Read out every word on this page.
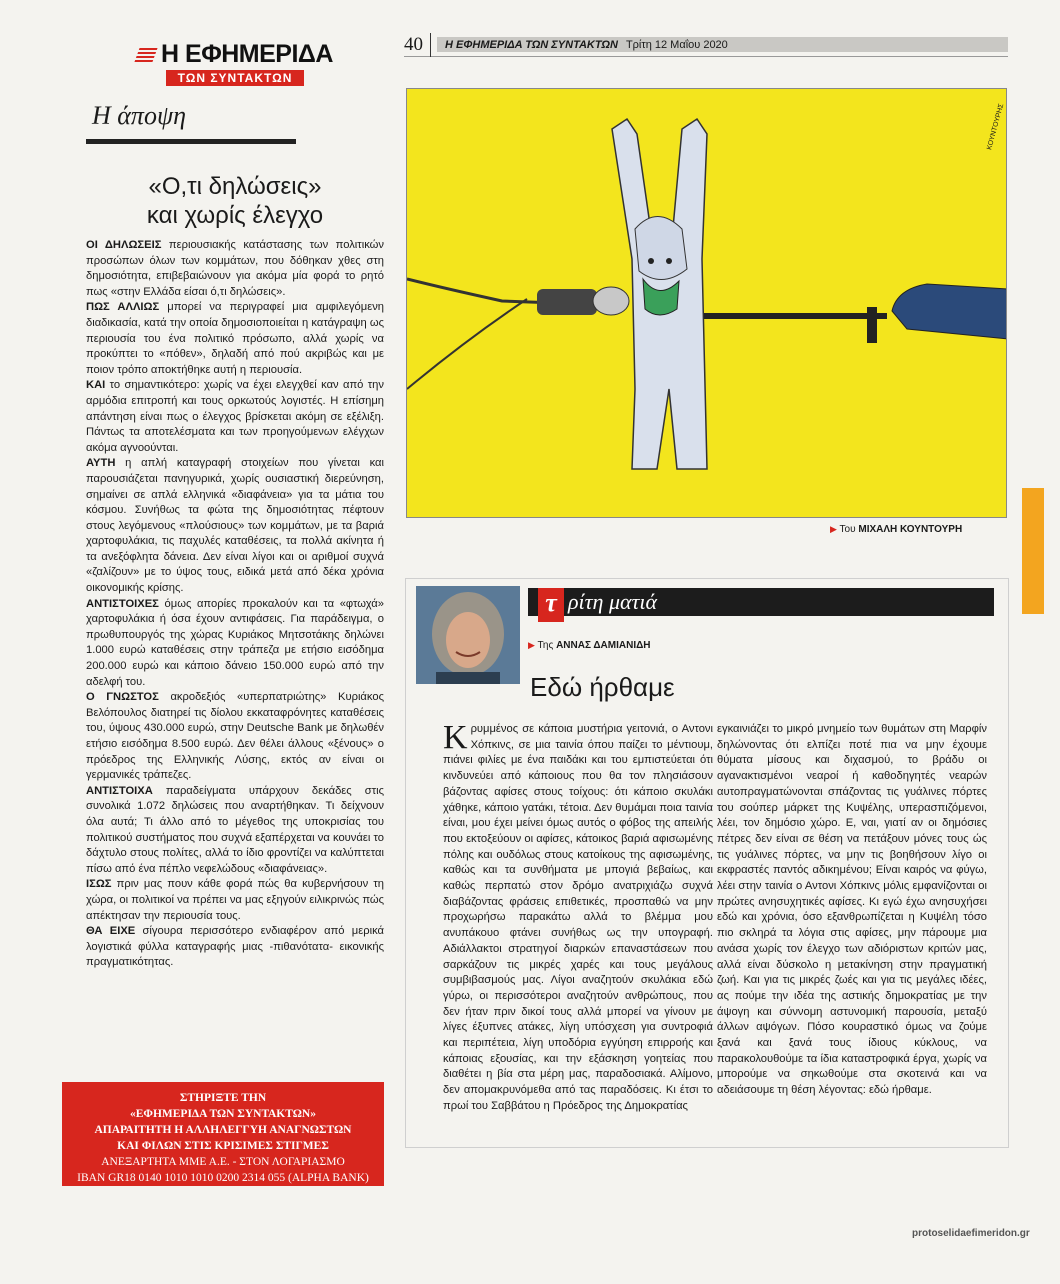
Η ΕΦΗΜΕΡΙΔΑ
ΤΩΝ ΣΥΝΤΑΚΤΩΝ
Η άποψη
«Ο,τι δηλώσεις»
και χωρίς έλεγχο

ΟΙ ΔΗΛΩΣΕΙΣ περιουσιακής κατάστασης των πολιτικών προσώπων όλων των κομμάτων, που δόθηκαν χθες στη δημοσιότητα, επιβεβαιώνουν για ακόμα μία φορά το ρητό πως «στην Ελλάδα είσαι ό,τι δηλώσεις».

ΠΩΣ ΑΛΛΙΩΣ μπορεί να περιγραφεί μια αμφιλεγόμενη διαδικασία, κατά την οποία δημοσιοποιείται η κατάγραψη ως περιουσία του ένα πολιτικό πρόσωπο, αλλά χωρίς να προκύπτει το «πόθεν», δηλαδή από πού ακριβώς και με ποιον τρόπο αποκτήθηκε αυτή η περιουσία.

ΚΑΙ το σημαντικότερο: χωρίς να έχει ελεγχθεί καν από την αρμόδια επιτροπή και τους ορκωτούς λογιστές. Η επίσημη απάντηση είναι πως ο έλεγχος βρίσκεται ακόμη σε εξέλιξη. Πάντως τα αποτελέσματα και των προηγούμενων ελέγχων ακόμα αγνοούνται.

ΑΥΤΗ η απλή καταγραφή στοιχείων που γίνεται και παρουσιάζεται πανηγυρικά, χωρίς ουσιαστική διερεύνηση, σημαίνει σε απλά ελληνικά «διαφάνεια» για τα μάτια του κόσμου. Συνήθως τα φώτα της δημοσιότητας πέφτουν στους λεγόμενους «πλούσιους» των κομμάτων, με τα βαριά χαρτοφυλάκια, τις παχυλές καταθέσεις, τα πολλά ακίνητα ή τα ανεξόφλητα δάνεια. Δεν είναι λίγοι και οι αριθμοί συχνά «ζαλίζουν» με το ύψος τους, ειδικά μετά από δέκα χρόνια οικονομικής κρίσης.

ΑΝΤΙΣΤΟΙΧΕΣ όμως απορίες προκαλούν και τα «φτωχά» χαρτοφυλάκια ή όσα έχουν αντιφάσεις. Για παράδειγμα, ο πρωθυπουργός της χώρας Κυριάκος Μητσοτάκης δηλώνει 1.000 ευρώ καταθέσεις στην τράπεζα με ετήσιο εισόδημα 200.000 ευρώ και κάποιο δάνειο 150.000 ευρώ από την αδελφή του.

Ο ΓΝΩΣΤΟΣ ακροδεξιός «υπερπατριώτης» Κυριάκος Βελόπουλος διατηρεί τις δίολου εκκαταφρόνητες καταθέσεις του, ύψους 430.000 ευρώ, στην Deutsche Bank με δηλωθέν ετήσιο εισόδημα 8.500 ευρώ. Δεν θέλει άλλους «ξένους» ο πρόεδρος της Ελληνικής Λύσης, εκτός αν είναι οι γερμανικές τράπεζες.

ΑΝΤΙΣΤΟΙΧΑ παραδείγματα υπάρχουν δεκάδες στις συνολικά 1.072 δηλώσεις που αναρτήθηκαν. Τι δείχνουν όλα αυτά; Τι άλλο από το μέγεθος της υποκρισίας του πολιτικού συστήματος που συχνά εξαπέρχεται να κουνάει το δάχτυλο στους πολίτες, αλλά το ίδιο φροντίζει να καλύπτεται πίσω από ένα πέπλο νεφελώδους «διαφάνειας».

ΙΣΩΣ πριν μας πουν κάθε φορά πώς θα κυβερνήσουν τη χώρα, οι πολιτικοί να πρέπει να μας εξηγούν ειλικρινώς πώς απέκτησαν την περιουσία τους.

ΘΑ ΕΙΧΕ σίγουρα περισσότερο ενδιαφέρον από μερικά λογιστικά φύλλα καταγραφής μιας -πιθανότατα- εικονικής πραγματικότητας.

ΣΤΗΡΙΞΤΕ ΤΗΝ
«ΕΦΗΜΕΡΙΔΑ ΤΩΝ ΣΥΝΤΑΚΤΩΝ»
ΑΠΑΡΑΙΤΗΤΗ Η ΑΛΛΗΛΕΓΓΥΗ ΑΝΑΓΝΩΣΤΩΝ
ΚΑΙ ΦΙΛΩΝ ΣΤΙΣ ΚΡΙΣΙΜΕΣ ΣΤΙΓΜΕΣ
ΑΝΕΞΑΡΤΗΤΑ ΜΜΕ Α.Ε. - ΣΤΟΝ ΛΟΓΑΡΙΑΣΜΟ
IBAN GR18 0140 1010 1010 0200 2314 055 (ALPHA BANK)
40	Η ΕΦΗΜΕΡΙΔΑ ΤΩΝ ΣΥΝΤΑΚΤΩΝ Τρίτη 12 Μαΐου 2020
ΚΟΥΝΤΟΥΡΗΣ
▶ Του ΜΙΧΑΛΗ ΚΟΥΝΤΟΥΡΗ
τ ρίτη ματιά
▶ Της ΑΝΝΑΣ ΔΑΜΙΑΝΙΔΗ
Εδώ ήρθαμε
Κ ρυμμένος σε κάποια μυστήρια γειτονιά, ο Αντονι Χόπκινς, σε μια ταινία όπου παίζει το μέντιουμ, πιάνει φιλίες με ένα παιδάκι και του εμπιστεύεται ότι κινδυνεύει από κάποιους που θα τον πλησιάσουν βάζοντας αφίσες στους τοίχους: ότι κάποιο σκυλάκι χάθηκε, κάποιο γατάκι, τέτοια. Δεν θυμάμαι ποια ταινία είναι, μου έχει μείνει όμως αυτός ο φόβος της απειλής που εκτοξεύουν οι αφίσες, κάτοικος βαριά αφισωμένης πόλης και ουδόλως στους κατοίκους της αφισωμένης, καθώς και τα συνθήματα με μπογιά βεβαίως, και καθώς περπατώ στον δρόμο ανατριχιάζω συχνά διαβάζοντας φράσεις επιθετικές, προσπαθώ να μην προχωρήσω παρακάτω αλλά το βλέμμα μου ανυπάκουο φτάνει συνήθως ως την υπογραφή. Αδιάλλακτοι στρατηγοί διαρκών επαναστάσεων που σαρκάζουν τις μικρές χαρές και τους μεγάλους συμβιβασμούς μας. Λίγοι αναζητούν σκυλάκια εδώ γύρω, οι περισσότεροι αναζητούν ανθρώπους, που δεν ήταν πριν δικοί τους αλλά μπορεί να γίνουν με λίγες έξυπνες ατάκες, λίγη υπόσχεση για συντροφιά και περιπέτεια, λίγη υποδόρια εγγύηση επιρροής και κάποιας εξουσίας, και την εξάσκηση γοητείας που διαθέτει η βία στα μέρη μας, παραδοσιακά. Αλίμονο, δεν απομακρυνόμεθα από τας παραδόσεις. Κι έτσι το πρωί του Σαββάτου η Πρόεδρος της Δημοκρατίας
εγκαινιάζει το μικρό μνημείο των θυμάτων στη Μαρφίν δηλώνοντας ότι ελπίζει ποτέ πια να μην έχουμε θύματα μίσους και διχασμού, το βράδυ οι αγανακτισμένοι νεαροί ή καθοδηγητές νεαρών αυτοπραγματώνονται σπάζοντας τις γυάλινες πόρτες του σούπερ μάρκετ της Κυψέλης, υπερασπιζόμενοι, λέει, τον δημόσιο χώρο. Ε, ναι, γιατί αν οι δημόσιες πέτρες δεν είναι σε θέση να πετάξουν μόνες τους ώς τις γυάλινες πόρτες, να μην τις βοηθήσουν λίγο οι εκφραστές παντός αδικημένου; Είναι καιρός να φύγω, λέει στην ταινία ο Αντονι Χόπκινς μόλις εμφανίζονται οι πρώτες ανησυχητικές αφίσες. Κι εγώ έχω ανησυχήσει εδώ και χρόνια, όσο εξανθρωπίζεται η Κυψέλη τόσο πιο σκληρά τα λόγια στις αφίσες, μην πάρουμε μια ανάσα χωρίς τον έλεγχο των αδιόριστων κριτών μας, αλλά είναι δύσκολο η μετακίνηση στην πραγματική ζωή. Και για τις μικρές ζωές και για τις μεγάλες ιδέες, ας πούμε την ιδέα της αστικής δημοκρατίας με την άψογη και σύννομη αστυνομική παρουσία, μεταξύ άλλων αψόγων. Πόσο κουραστικό όμως να ζούμε ξανά και ξανά τους ίδιους κύκλους, να παρακολουθούμε τα ίδια καταστροφικά έργα, χωρίς να μπορούμε να σηκωθούμε στα σκοτεινά και να αδειάσουμε τη θέση λέγοντας: εδώ ήρθαμε.
protoselidaefimeridon.gr
